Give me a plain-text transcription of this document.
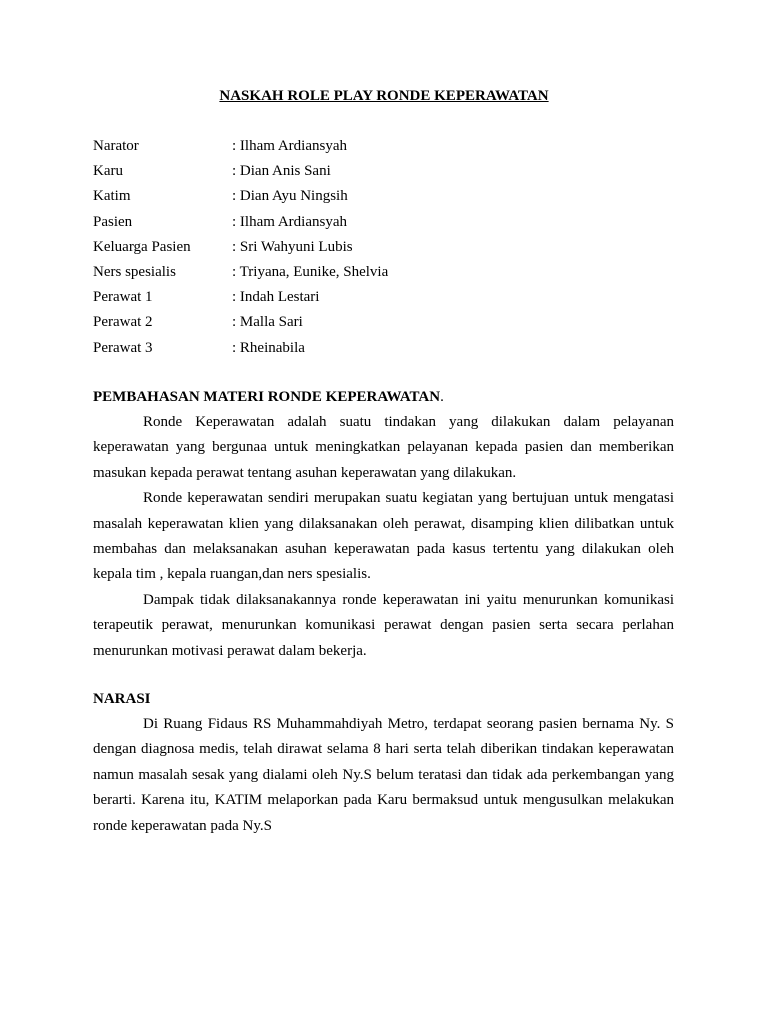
NASKAH ROLE PLAY RONDE KEPERAWATAN
Narator	: Ilham Ardiansyah
Karu	: Dian Anis Sani
Katim	: Dian Ayu Ningsih
Pasien	: Ilham Ardiansyah
Keluarga Pasien	: Sri Wahyuni Lubis
Ners spesialis	: Triyana, Eunike, Shelvia
Perawat 1	: Indah Lestari
Perawat 2	: Malla Sari
Perawat 3	: Rheinabila
PEMBAHASAN MATERI RONDE KEPERAWATAN.

Ronde Keperawatan adalah suatu tindakan yang dilakukan dalam pelayanan keperawatan yang bergunaa untuk meningkatkan pelayanan kepada pasien dan memberikan masukan kepada perawat tentang asuhan keperawatan yang dilakukan.

Ronde keperawatan sendiri merupakan suatu kegiatan yang bertujuan untuk mengatasi masalah keperawatan klien yang dilaksanakan oleh perawat, disamping klien dilibatkan untuk membahas dan melaksanakan asuhan keperawatan pada kasus tertentu yang dilakukan oleh kepala tim , kepala ruangan,dan ners spesialis.

Dampak tidak dilaksanakannya ronde keperawatan ini yaitu menurunkan komunikasi terapeutik perawat, menurunkan komunikasi perawat dengan pasien serta secara perlahan menurunkan motivasi perawat dalam bekerja.

NARASI

Di Ruang Fidaus RS Muhammahdiyah Metro, terdapat seorang pasien bernama Ny. S dengan diagnosa medis, telah dirawat selama 8 hari serta telah diberikan tindakan keperawatan namun masalah sesak yang dialami oleh Ny.S belum teratasi dan tidak ada perkembangan yang berarti. Karena itu, KATIM melaporkan pada Karu bermaksud untuk mengusulkan melakukan ronde keperawatan pada Ny.S
